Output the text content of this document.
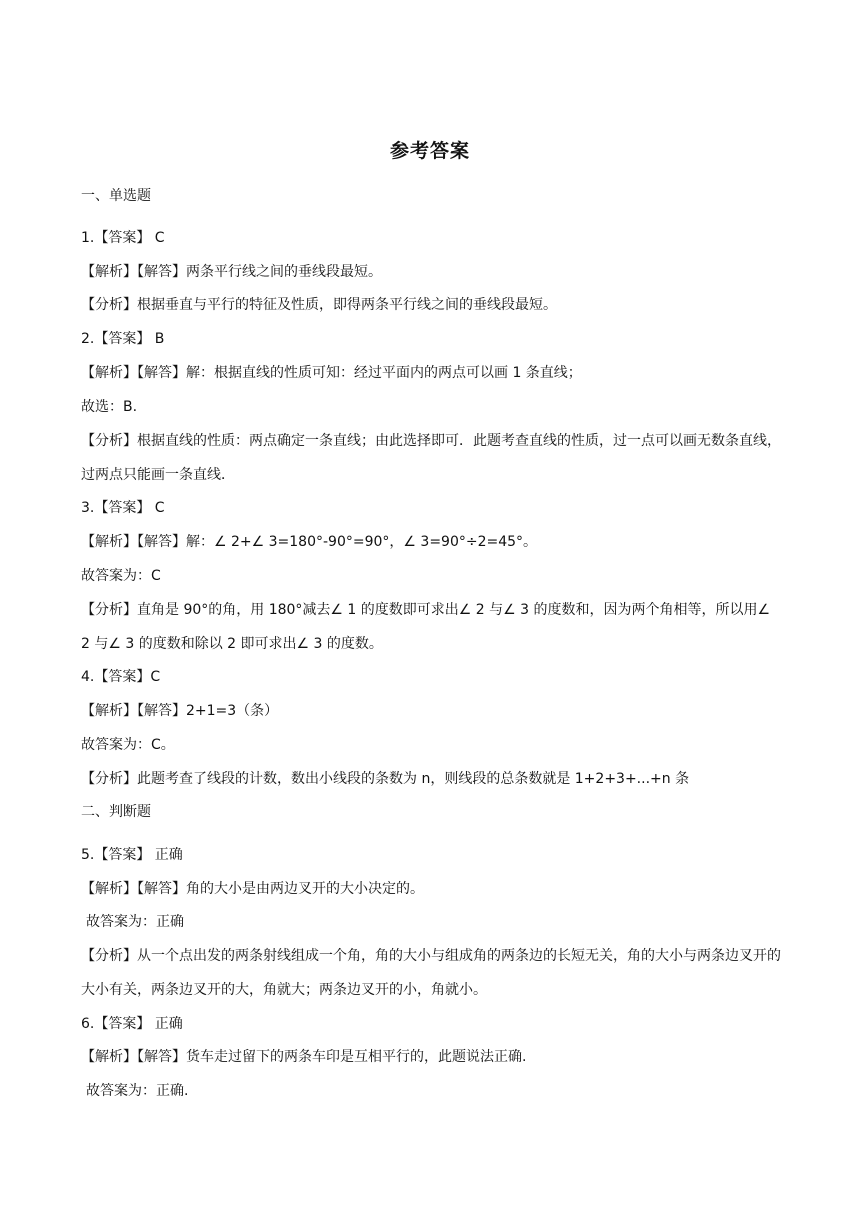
参考答案
一、单选题
1.【答案】 C
【解析】【解答】两条平行线之间的垂线段最短。
【分析】根据垂直与平行的特征及性质，即得两条平行线之间的垂线段最短。
2.【答案】 B
【解析】【解答】解：根据直线的性质可知：经过平面内的两点可以画 1 条直线；
故选：B.
【分析】根据直线的性质：两点确定一条直线；由此选择即可．此题考查直线的性质，过一点可以画无数条直线，过两点只能画一条直线．
3.【答案】 C
【解析】【解答】解：∠ 2+∠ 3=180°-90°=90°，∠ 3=90°÷2=45°。
故答案为：C
【分析】直角是 90°的角，用 180°减去∠ 1 的度数即可求出∠ 2 与∠ 3 的度数和，因为两个角相等，所以用∠ 2 与∠ 3 的度数和除以 2 即可求出∠ 3 的度数。
4.【答案】C
【解析】【解答】2+1=3（条）
故答案为：C。
【分析】此题考查了线段的计数，数出小线段的条数为 n，则线段的总条数就是 1+2+3+...+n 条
二、判断题
5.【答案】 正确
【解析】【解答】角的大小是由两边叉开的大小决定的。
故答案为：正确
【分析】从一个点出发的两条射线组成一个角，角的大小与组成角的两条边的长短无关，角的大小与两条边叉开的大小有关，两条边叉开的大，角就大；两条边叉开的小，角就小。
6.【答案】 正确
【解析】【解答】货车走过留下的两条车印是互相平行的，此题说法正确.
故答案为：正确.
